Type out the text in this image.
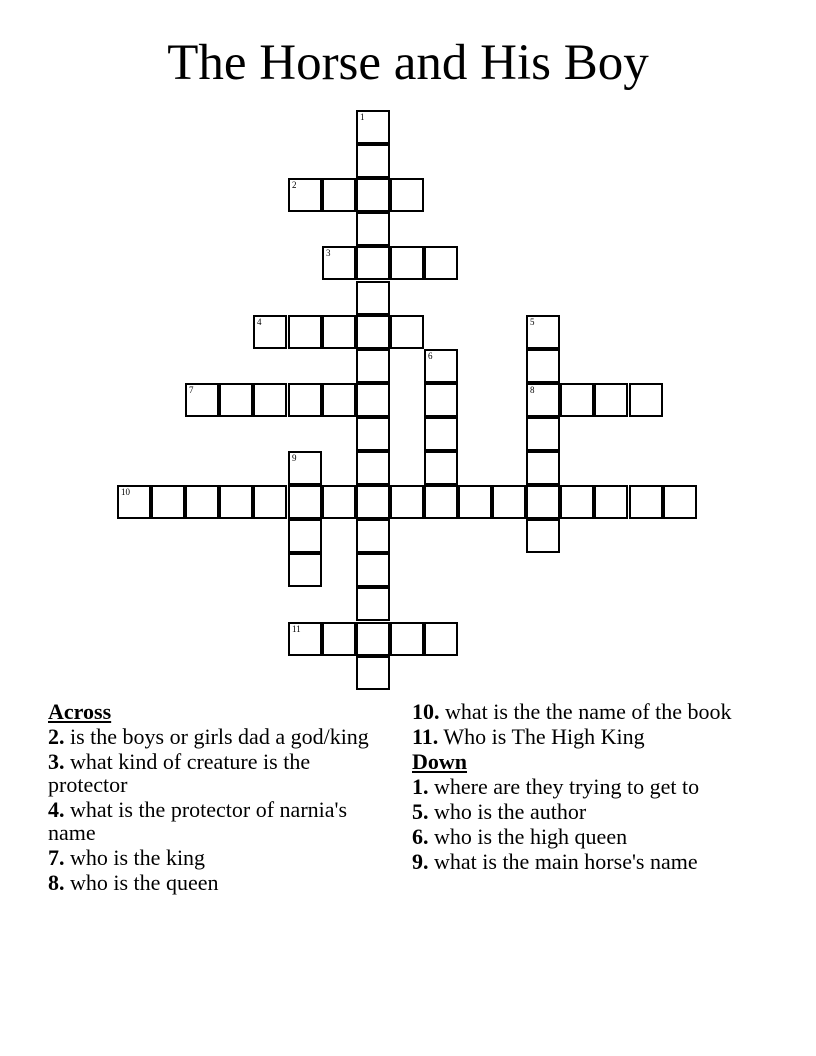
The Horse and His Boy
1
2
3
4	5
8
6
7
9
10
11
Across
2. is the boys or girls dad a god/king
3. what kind of creature is the protector
4. what is the protector of narnia's name
7. who is the king
8. who is the queen
10. what is the the name of the book
11. Who is The High King
Down
1. where are they trying to get to
5. who is the author
6. who is the high queen
9. what is the main horse's name
